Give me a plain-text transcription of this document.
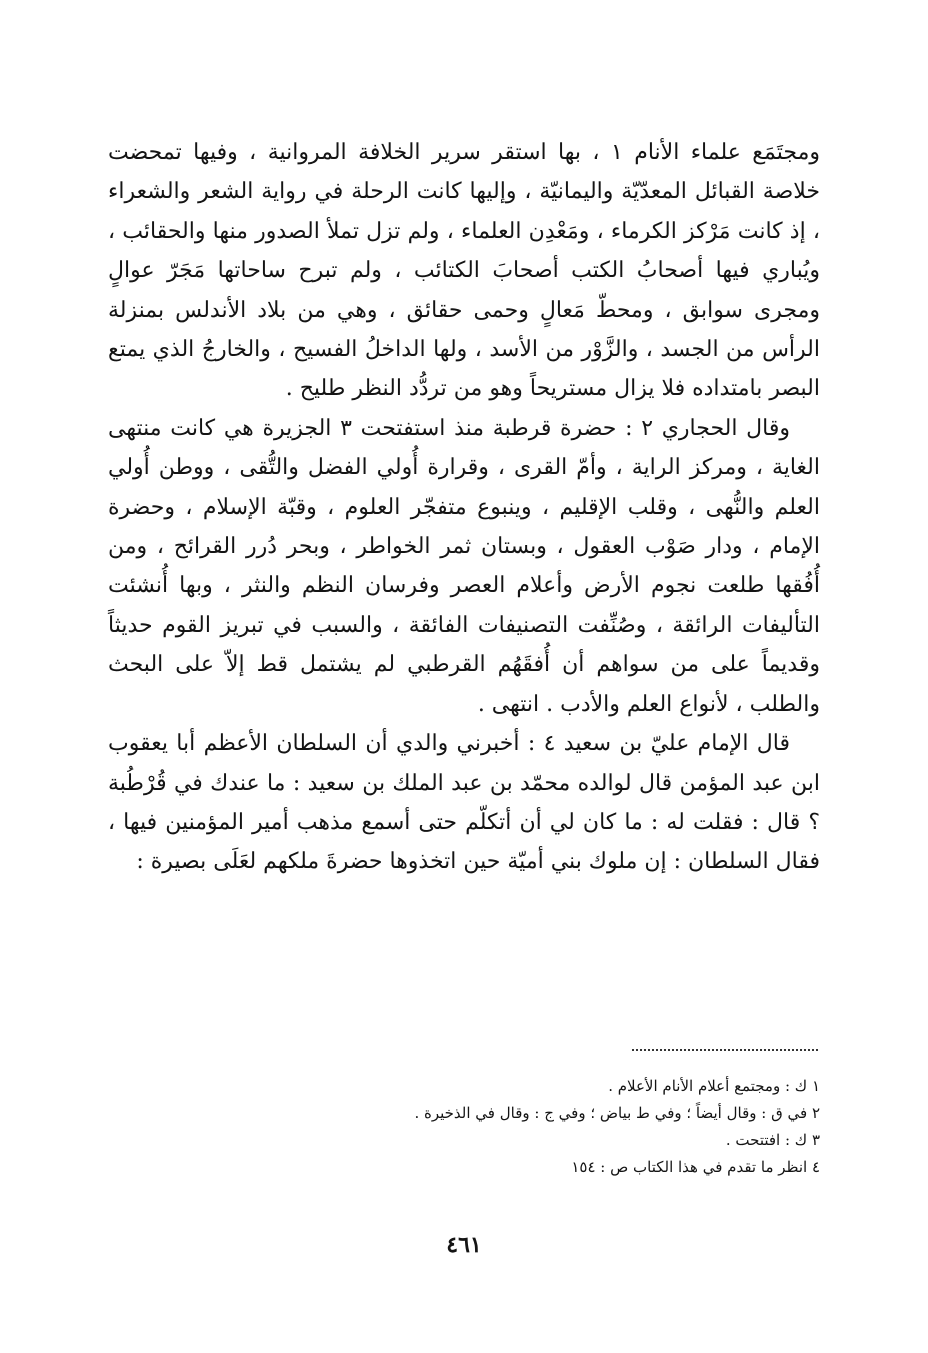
ومجتَمَع علماء الأنام ١ ، بها استقر سرير الخلافة المروانية ، وفيها تمحضت خلاصة القبائل المعدّيّة واليمانيّة ، وإليها كانت الرحلة في رواية الشعر والشعراء ، إذ كانت مَرْكز الكرماء ، ومَعْدِن العلماء ، ولم تزل تملأ الصدور منها والحقائب ، ويُباري فيها أصحابُ الكتب أصحابَ الكتائب ، ولم تبرح ساحاتها مَجَرّ عوالٍ ومجرى سوابق ، ومحطّ مَعالٍ وحمى حقائق ، وهي من بلاد الأندلس بمنزلة الرأس من الجسد ، والزَّوْر من الأسد ، ولها الداخلُ الفسيح ، والخارجُ الذي يمتع البصر بامتداده فلا يزال مستريحاً وهو من تردُّد النظر طليح .

وقال الحجاري ٢ : حضرة قرطبة منذ استفتحت ٣ الجزيرة هي كانت منتهى الغاية ، ومركز الراية ، وأمّ القرى ، وقرارة أُولي الفضل والتُّقى ، ووطن أُولي العلم والنُّهى ، وقلب الإقليم ، وينبوع متفجّر العلوم ، وقبّة الإسلام ، وحضرة الإمام ، ودار صَوْب العقول ، وبستان ثمر الخواطر ، وبحر دُرر القرائح ، ومن أُفُقها طلعت نجوم الأرض وأعلام العصر وفرسان النظم والنثر ، وبها أُنشئت التأليفات الرائقة ، وصُنِّفت التصنيفات الفائقة ، والسبب في تبريز القوم حديثاً وقديماً على من سواهم أن أُفقَهُم القرطبي لم يشتمل قط إلاّ على البحث والطلب ، لأنواع العلم والأدب . انتهى .

قال الإمام عليّ بن سعيد ٤ : أخبرني والدي أن السلطان الأعظم أبا يعقوب ابن عبد المؤمن قال لوالده محمّد بن عبد الملك بن سعيد : ما عندك في قُرْطُبة ؟ قال : فقلت له : ما كان لي أن أتكلّم حتى أسمع مذهب أمير المؤمنين فيها ، فقال السلطان : إن ملوك بني أميّة حين اتخذوها حضرةَ ملكهم لعَلَى بصيرة :

١ ك : ومجتمع أعلام الأنام الأعلام .

٢ في ق : وقال أيضاً ؛ وفي ط بياض ؛ وفي ج : وقال في الذخيرة .

٣ ك : افتتحت .

٤ انظر ما تقدم في هذا الكتاب ص : ١٥٤

٤٦١
